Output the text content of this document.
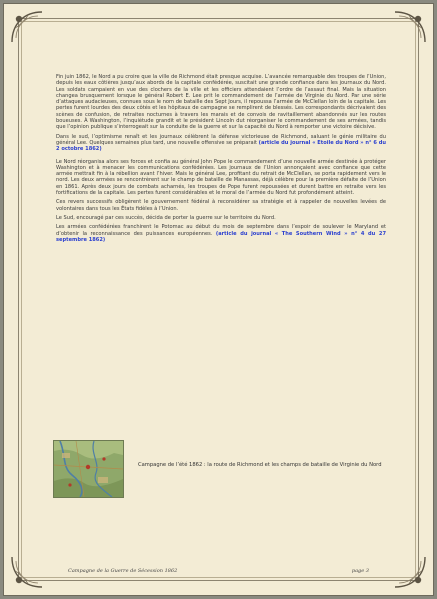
Fin juin 1862, le Nord a pu croire que la ville de Richmond était presque acquise. L’avancée remarquable des troupes de l’Union, depuis les eaux côtières jusqu’aux abords de la capitale confédérée, suscitait une grande confiance dans les journaux du Nord. Les soldats campaient en vue des clochers de la ville et les officiers attendaient l’ordre de l’assaut final. Mais la situation changea brusquement lorsque le général Robert E. Lee prit le commandement de l’armée de Virginie du Nord. Par une série d’attaques audacieuses, connues sous le nom de bataille des Sept Jours, il repoussa l’armée de McClellan loin de la capitale. Les pertes furent lourdes des deux côtés et les hôpitaux de campagne se remplirent de blessés. Les correspondants décrivaient des scènes de confusion, de retraites nocturnes à travers les marais et de convois de ravitaillement abandonnés sur les routes boueuses. À Washington, l’inquiétude grandit et le président Lincoln dut réorganiser le commandement de ses armées, tandis que l’opinion publique s’interrogeait sur la conduite de la guerre et sur la capacité du Nord à remporter une victoire décisive.

Dans le sud, l’optimisme renaît et les journaux célèbrent la défense victorieuse de Richmond, saluant le génie militaire du général Lee. Quelques semaines plus tard, une nouvelle offensive se préparait (article du journal « Etoile du Nord » n° 6 du 2 octobre 1862)

Le Nord réorganisa alors ses forces et confia au général John Pope le commandement d’une nouvelle armée destinée à protéger Washington et à menacer les communications confédérées. Les journaux de l’Union annonçaient avec confiance que cette armée mettrait fin à la rébellion avant l’hiver. Mais le général Lee, profitant du retrait de McClellan, se porta rapidement vers le nord. Les deux armées se rencontrèrent sur le champ de bataille de Manassas, déjà célèbre pour la première défaite de l’Union en 1861. Après deux jours de combats acharnés, les troupes de Pope furent repoussées et durent battre en retraite vers les fortifications de la capitale. Les pertes furent considérables et le moral de l’armée du Nord fut profondément atteint.

Ces revers successifs obligèrent le gouvernement fédéral à reconsidérer sa stratégie et à rappeler de nouvelles levées de volontaires dans tous les États fidèles à l’Union.

Le Sud, encouragé par ces succès, décida de porter la guerre sur le territoire du Nord.

Les armées confédérées franchirent le Potomac au début du mois de septembre dans l’espoir de soulever le Maryland et d’obtenir la reconnaissance des puissances européennes. (article du journal « The Southern Wind » n° 4 du 27 septembre 1862)

Campagne de l’été 1862 : la route de Richmond et les champs de bataille de Virginie du Nord
Campagne de la Guerre de Sécession 1862	page 3
